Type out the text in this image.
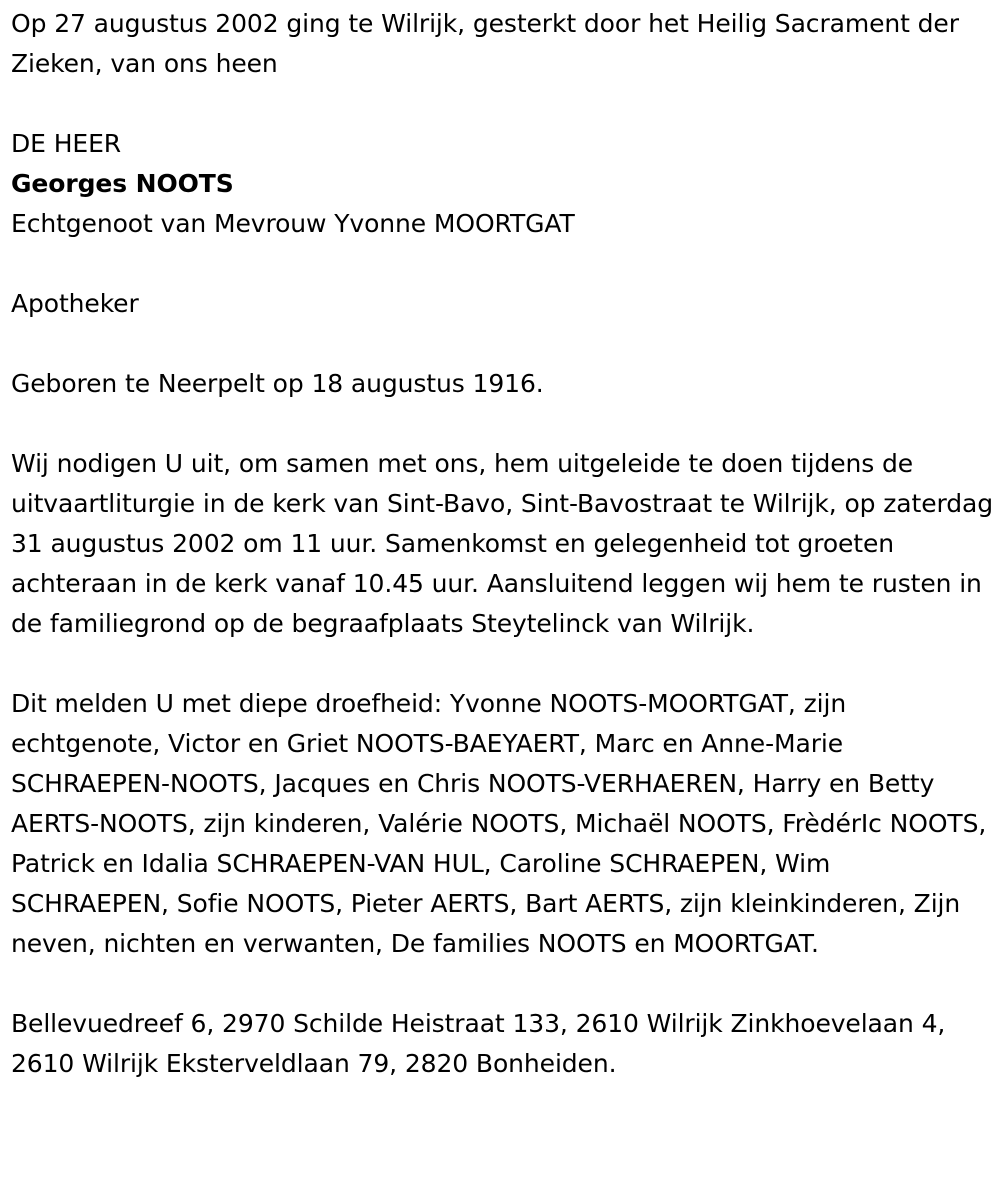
Op 27 augustus 2002 ging te Wilrijk, gesterkt door het Heilig Sacrament der Zieken, van ons heen

DE HEER

Georges NOOTS

Echtgenoot van Mevrouw Yvonne MOORTGAT

Apotheker

Geboren te Neerpelt op 18 augustus 1916.

Wij nodigen U uit, om samen met ons, hem uitgeleide te doen tijdens de uitvaartliturgie in de kerk van Sint-Bavo, Sint-Bavostraat te Wilrijk, op zaterdag 31 augustus 2002 om 11 uur. Samenkomst en gelegenheid tot groeten achteraan in de kerk vanaf 10.45 uur. Aansluitend leggen wij hem te rusten in de familiegrond op de begraafplaats Steytelinck van Wilrijk.

Dit melden U met diepe droefheid: Yvonne NOOTS-MOORTGAT, zijn echtgenote, Victor en Griet NOOTS-BAEYAERT, Marc en Anne-Marie SCHRAEPEN-NOOTS, Jacques en Chris NOOTS-VERHAEREN, Harry en Betty AERTS-NOOTS, zijn kinderen, Valérie NOOTS, Michaël NOOTS, FrèdérIc NOOTS, Patrick en Idalia SCHRAEPEN-VAN HUL, Caroline SCHRAEPEN, Wim SCHRAEPEN, Sofie NOOTS, Pieter AERTS, Bart AERTS, zijn kleinkinderen, Zijn neven, nichten en verwanten, De families NOOTS en MOORTGAT.

Bellevuedreef 6, 2970 Schilde Heistraat 133, 2610 Wilrijk Zinkhoevelaan 4, 2610 Wilrijk Eksterveldlaan 79, 2820 Bonheiden.
